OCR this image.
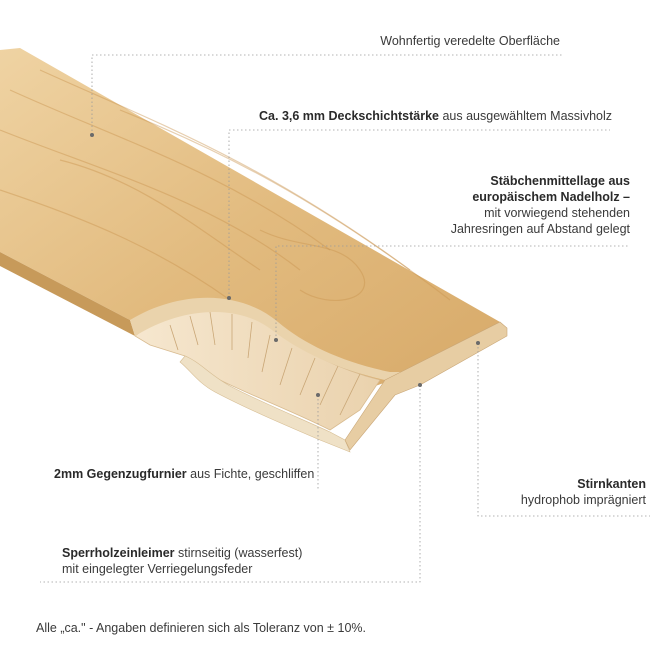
Wohnfertig veredelte Oberfläche
Ca. 3,6 mm Deckschichtstärke aus ausgewähltem Massivholz
Stäbchenmittellage aus
europäischem Nadelholz –
mit vorwiegend stehenden
Jahresringen auf Abstand gelegt
2mm Gegenzugfurnier aus Fichte, geschliffen
Stirnkanten
hydrophob imprägniert
Sperrholzeinleimer stirnseitig (wasserfest)
mit eingelegter Verriegelungsfeder
Alle „ca." - Angaben definieren sich als Toleranz von ± 10%.
